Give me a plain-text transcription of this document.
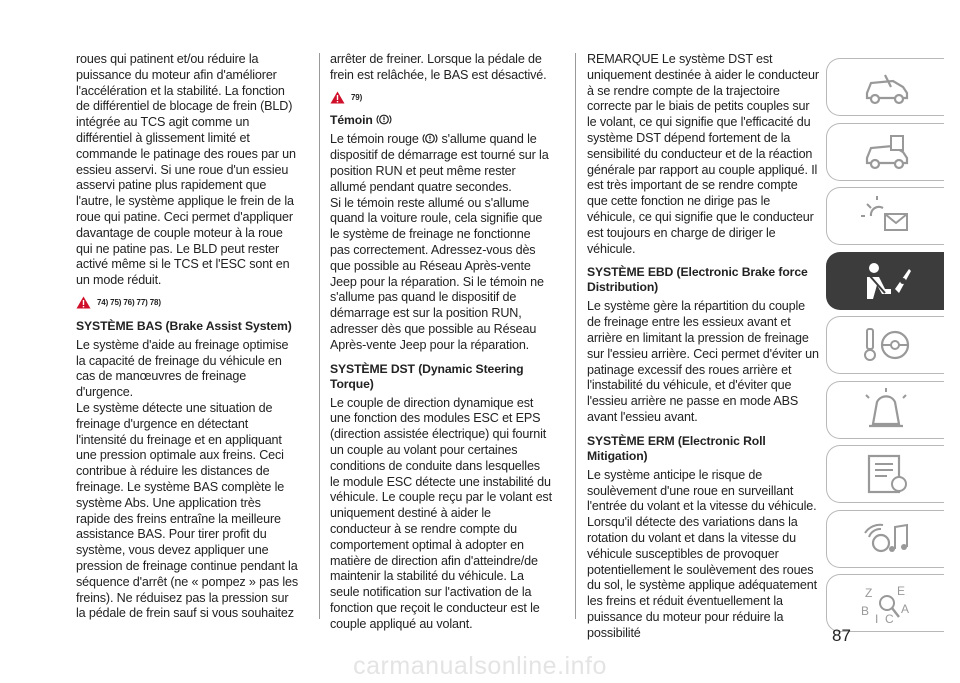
roues qui patinent et/ou réduire la puissance du moteur afin d'améliorer l'accélération et la stabilité. La fonction de différentiel de blocage de frein (BLD) intégrée au TCS agit comme un différentiel à glissement limité et commande le patinage des roues par un essieu asservi. Si une roue d'un essieu asservi patine plus rapidement que l'autre, le système applique le frein de la roue qui patine. Ceci permet d'appliquer davantage de couple moteur à la roue qui ne patine pas. Le BLD peut rester activé même si le TCS et l'ESC sont en un mode réduit.

74) 75) 76) 77) 78)
SYSTÈME BAS (Brake Assist System)

Le système d'aide au freinage optimise la capacité de freinage du véhicule en cas de manœuvres de freinage d'urgence.

Le système détecte une situation de freinage d'urgence en détectant l'intensité du freinage et en appliquant une pression optimale aux freins. Ceci contribue à réduire les distances de freinage. Le système BAS complète le système Abs. Une application très rapide des freins entraîne la meilleure assistance BAS. Pour tirer profit du système, vous devez appliquer une pression de freinage continue pendant la séquence d'arrêt (ne « pompez » pas les freins). Ne réduisez pas la pression sur la pédale de frein sauf si vous souhaitez

arrêter de freiner. Lorsque la pédale de frein est relâchée, le BAS est désactivé.

79)
Témoin

Le témoin rouge s'allume quand le dispositif de démarrage est tourné sur la position RUN et peut même rester allumé pendant quatre secondes.

Si le témoin reste allumé ou s'allume quand la voiture roule, cela signifie que le système de freinage ne fonctionne pas correctement. Adressez-vous dès que possible au Réseau Après-vente Jeep pour la réparation. Si le témoin ne s'allume pas quand le dispositif de démarrage est sur la position RUN, adresser dès que possible au Réseau Après-vente Jeep pour la réparation.

SYSTÈME DST (Dynamic Steering Torque)

Le couple de direction dynamique est une fonction des modules ESC et EPS (direction assistée électrique) qui fournit un couple au volant pour certaines conditions de conduite dans lesquelles le module ESC détecte une instabilité du véhicule. Le couple reçu par le volant est uniquement destiné à aider le conducteur à se rendre compte du comportement optimal à adopter en matière de direction afin d'atteindre/de maintenir la stabilité du véhicule. La seule notification sur l'activation de la fonction que reçoit le conducteur est le couple appliqué au volant.

REMARQUE Le système DST est uniquement destinée à aider le conducteur à se rendre compte de la trajectoire correcte par le biais de petits couples sur le volant, ce qui signifie que l'efficacité du système DST dépend fortement de la sensibilité du conducteur et de la réaction générale par rapport au couple appliqué. Il est très important de se rendre compte que cette fonction ne dirige pas le véhicule, ce qui signifie que le conducteur est toujours en charge de diriger le véhicule.

SYSTÈME EBD (Electronic Brake force Distribution)

Le système gère la répartition du couple de freinage entre les essieux avant et arrière en limitant la pression de freinage sur l'essieu arrière. Ceci permet d'éviter un patinage excessif des roues arrière et l'instabilité du véhicule, et d'éviter que l'essieu arrière ne passe en mode ABS avant l'essieu avant.

SYSTÈME ERM (Electronic Roll Mitigation)

Le système anticipe le risque de soulèvement d'une roue en surveillant l'entrée du volant et la vitesse du véhicule. Lorsqu'il détecte des variations dans la rotation du volant et dans la vitesse du véhicule susceptibles de provoquer potentiellement le soulèvement des roues du sol, le système applique adéquatement les freins et réduit éventuellement la puissance du moteur pour réduire la possibilité

Z E
B
I C
A
87
carmanualsonline.info
